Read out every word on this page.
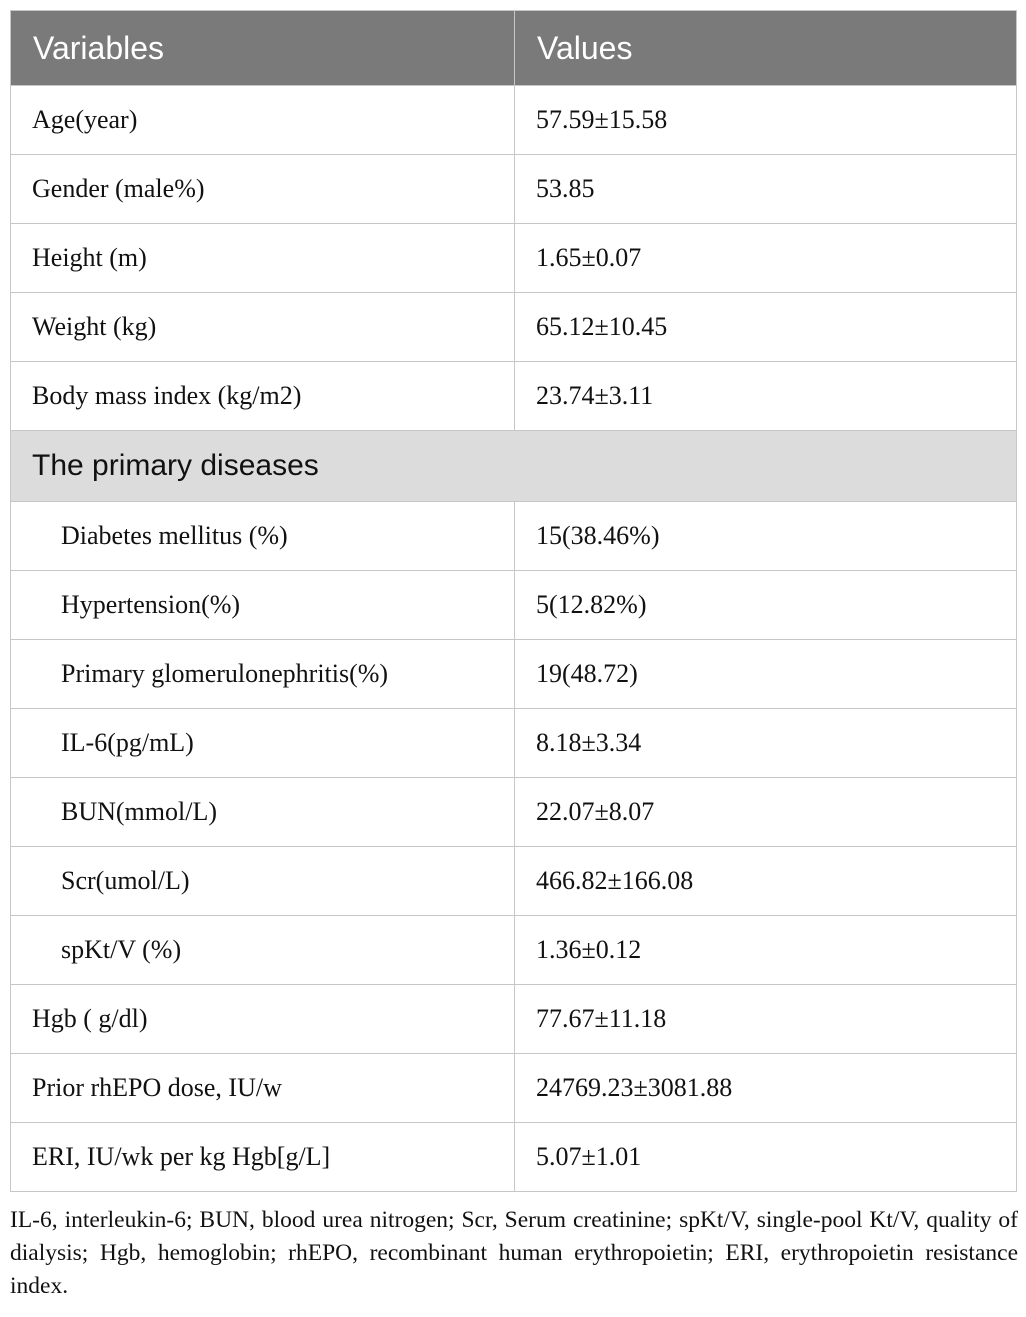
Variables	Values
Age(year)	57.59±15.58
Gender (male%)	53.85
Height (m)	1.65±0.07
Weight (kg)	65.12±10.45
Body mass index (kg/m2)	23.74±3.11
The primary diseases	
Diabetes mellitus (%)	15(38.46%)
Hypertension(%)	5(12.82%)
Primary glomerulonephritis(%)	19(48.72)
IL-6(pg/mL)	8.18±3.34
BUN(mmol/L)	22.07±8.07
Scr(umol/L)	466.82±166.08
spKt/V (%)	1.36±0.12
Hgb ( g/dl)	77.67±11.18
Prior rhEPO dose, IU/w	24769.23±3081.88
ERI, IU/wk per kg Hgb[g/L]	5.07±1.01
IL-6, interleukin-6; BUN, blood urea nitrogen; Scr, Serum creatinine; spKt/V, single-pool Kt/V, quality of dialysis; Hgb, hemoglobin; rhEPO, recombinant human erythropoietin; ERI, erythropoietin resistance index.
